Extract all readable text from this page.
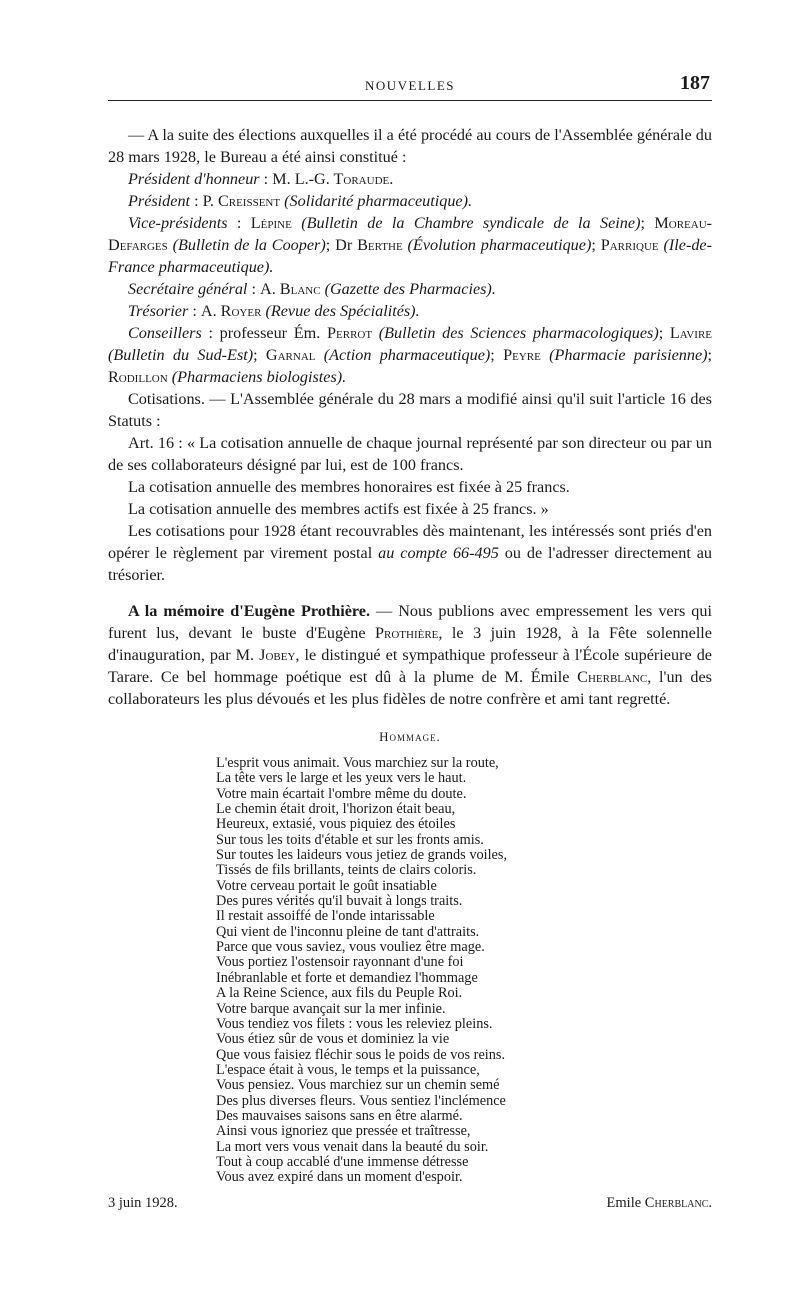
NOUVELLES	187

— A la suite des élections auxquelles il a été procédé au cours de l'Assemblée générale du 28 mars 1928, le Bureau a été ainsi constitué :

Président d'honneur : M. L.-G. Toraude.

Président : P. Creissent (Solidarité pharmaceutique).

Vice-présidents : Lépine (Bulletin de la Chambre syndicale de la Seine); Moreau-Defarges (Bulletin de la Cooper); Dr Berthe (Évolution pharmaceutique); Parrique (Ile-de-France pharmaceutique).

Secrétaire général : A. Blanc (Gazette des Pharmacies).

Trésorier : A. Royer (Revue des Spécialités).

Conseillers : professeur Ém. Perrot (Bulletin des Sciences pharmacologiques); Lavire (Bulletin du Sud-Est); Garnal (Action pharmaceutique); Peyre (Pharmacie parisienne); Rodillon (Pharmaciens biologistes).

Cotisations. — L'Assemblée générale du 28 mars a modifié ainsi qu'il suit l'article 16 des Statuts :

Art. 16 : « La cotisation annuelle de chaque journal représenté par son directeur ou par un de ses collaborateurs désigné par lui, est de 100 francs.

La cotisation annuelle des membres honoraires est fixée à 25 francs.

La cotisation annuelle des membres actifs est fixée à 25 francs. »

Les cotisations pour 1928 étant recouvrables dès maintenant, les intéressés sont priés d'en opérer le règlement par virement postal au compte 66-495 ou de l'adresser directement au trésorier.

A la mémoire d'Eugène Prothière. — Nous publions avec empressement les vers qui furent lus, devant le buste d'Eugène Prothière, le 3 juin 1928, à la Fête solennelle d'inauguration, par M. Jobey, le distingué et sympathique professeur à l'École supérieure de Tarare. Ce bel hommage poétique est dû à la plume de M. Émile Cherblanc, l'un des collaborateurs les plus dévoués et les plus fidèles de notre confrère et ami tant regretté.

Hommage.

L'esprit vous animait. Vous marchiez sur la route,
La tête vers le large et les yeux vers le haut.
Votre main écartait l'ombre même du doute.
Le chemin était droit, l'horizon était beau,
Heureux, extasié, vous piquiez des étoiles
Sur tous les toits d'étable et sur les fronts amis.
Sur toutes les laideurs vous jetiez de grands voiles,
Tissés de fils brillants, teints de clairs coloris.
Votre cerveau portait le goût insatiable
Des pures vérités qu'il buvait à longs traits.
Il restait assoiffé de l'onde intarissable
Qui vient de l'inconnu pleine de tant d'attraits.
Parce que vous saviez, vous vouliez être mage.
Vous portiez l'ostensoir rayonnant d'une foi
Inébranlable et forte et demandiez l'hommage
A la Reine Science, aux fils du Peuple Roi.
Votre barque avançait sur la mer infinie.
Vous tendiez vos filets : vous les releviez pleins.
Vous étiez sûr de vous et dominiez la vie
Que vous faisiez fléchir sous le poids de vos reins.
L'espace était à vous, le temps et la puissance,
Vous pensiez. Vous marchiez sur un chemin semé
Des plus diverses fleurs. Vous sentiez l'inclémence
Des mauvaises saisons sans en être alarmé.
Ainsi vous ignoriez que pressée et traîtresse,
La mort vers vous venait dans la beauté du soir.
Tout à coup accablé d'une immense détresse
Vous avez expiré dans un moment d'espoir.
3 juin 1928.	Emile Cherblanc.
